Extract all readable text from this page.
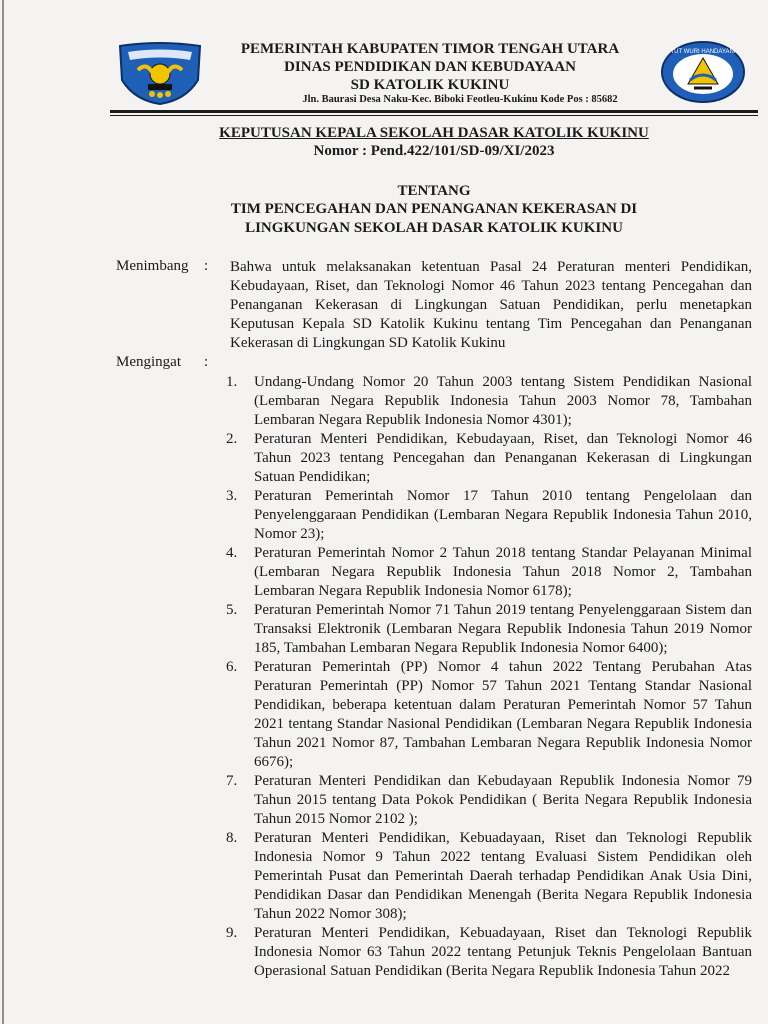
PEMERINTAH KABUPATEN TIMOR TENGAH UTARA
DINAS PENDIDIKAN DAN KEBUDAYAAN
SD KATOLIK KUKINU
Jln. Baurasi Desa Naku-Kec. Biboki Feotleu-Kukinu Kode Pos : 85682
TUT WURI HANDAYANI
KEPUTUSAN KEPALA SEKOLAH DASAR KATOLIK KUKINU
Nomor : Pend.422/101/SD-09/XI/2023
TENTANG
TIM PENCEGAHAN DAN PENANGANAN KEKERASAN DI
LINGKUNGAN SEKOLAH DASAR KATOLIK KUKINU
Menimbang : Bahwa untuk melaksanakan ketentuan Pasal 24 Peraturan menteri Pendidikan, Kebudayaan, Riset, dan Teknologi Nomor 46 Tahun 2023 tentang Pencegahan dan Penanganan Kekerasan di Lingkungan Satuan Pendidikan, perlu menetapkan Keputusan Kepala SD Katolik Kukinu tentang Tim Pencegahan dan Penanganan Kekerasan di Lingkungan SD Katolik Kukinu
Mengingat :
1.	Undang-Undang Nomor 20 Tahun 2003 tentang Sistem Pendidikan Nasional (Lembaran Negara Republik Indonesia Tahun 2003 Nomor 78, Tambahan Lembaran Negara Republik Indonesia Nomor 4301);
2.	Peraturan Menteri Pendidikan, Kebudayaan, Riset, dan Teknologi Nomor 46 Tahun 2023 tentang Pencegahan dan Penanganan Kekerasan di Lingkungan Satuan Pendidikan;
3.	Peraturan Pemerintah Nomor 17 Tahun 2010 tentang Pengelolaan dan Penyelenggaraan Pendidikan (Lembaran Negara Republik Indonesia Tahun 2010, Nomor 23);
4.	Peraturan Pemerintah Nomor 2 Tahun 2018 tentang Standar Pelayanan Minimal (Lembaran Negara Republik Indonesia Tahun 2018 Nomor 2, Tambahan Lembaran Negara Republik Indonesia Nomor 6178);
5.	Peraturan Pemerintah Nomor 71 Tahun 2019 tentang Penyelenggaraan Sistem dan Transaksi Elektronik (Lembaran Negara Republik Indonesia Tahun 2019 Nomor 185, Tambahan Lembaran Negara Republik Indonesia Nomor 6400);
6.	Peraturan Pemerintah (PP) Nomor 4 tahun 2022 Tentang Perubahan Atas Peraturan Pemerintah (PP) Nomor 57 Tahun 2021 Tentang Standar Nasional Pendidikan, beberapa ketentuan dalam Peraturan Pemerintah Nomor 57 Tahun 2021 tentang Standar Nasional Pendidikan (Lembaran Negara Republik Indonesia Tahun 2021 Nomor 87, Tambahan Lembaran Negara Republik Indonesia Nomor 6676);
7.	Peraturan Menteri Pendidikan dan Kebudayaan Republik Indonesia Nomor 79 Tahun 2015 tentang Data Pokok Pendidikan ( Berita Negara Republik Indonesia Tahun 2015 Nomor 2102 );
8.	Peraturan Menteri Pendidikan, Kebuadayaan, Riset dan Teknologi Republik Indonesia Nomor 9 Tahun 2022 tentang Evaluasi Sistem Pendidikan oleh Pemerintah Pusat dan Pemerintah Daerah terhadap Pendidikan Anak Usia Dini, Pendidikan Dasar dan Pendidikan Menengah (Berita Negara Republik Indonesia Tahun 2022 Nomor 308);
9.	Peraturan Menteri Pendidikan, Kebuadayaan, Riset dan Teknologi Republik Indonesia Nomor 63 Tahun 2022 tentang Petunjuk Teknis Pengelolaan Bantuan Operasional Satuan Pendidikan (Berita Negara Republik Indonesia Tahun 2022
